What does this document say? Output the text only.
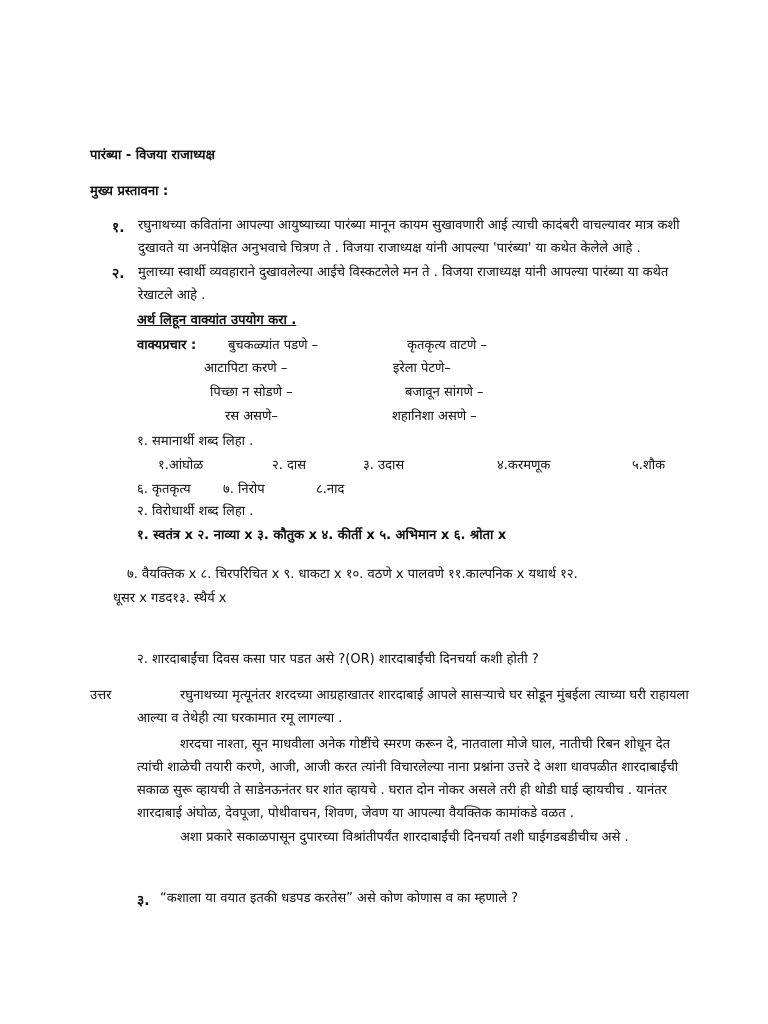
पारंब्या - विजया राजाध्यक्ष
मुख्य प्रस्तावना :
१. रघुनाथच्या कवितांना आपल्या आयुष्याच्या पारंब्या मानून कायम सुखावणारी आई त्याची कादंबरी वाचल्यावर मात्र कशी
दुखावते या अनपेक्षित अनुभवाचे चित्रण ते . विजया राजाध्यक्ष यांनी आपल्या 'पारंब्या' या कथेत केलेले आहे .
२. मुलाच्या स्वार्थी व्यवहाराने दुखावलेल्या आईचे विस्कटलेले मन ते . विजया राजाध्यक्ष यांनी आपल्या पारंब्या या कथेत
रेखाटले आहे .
अर्थ लिहून वाक्यांत उपयोग करा .
वाक्यप्रचार : बुचकळ्यांत पडणे –	कृतकृत्य वाटणे –
आटापिटा करणे –	इरेला पेटणे–
पिच्छा न सोडणे –	बजावून सांगणे –
रस असणे–	शहानिशा असणे –
१. समानार्थी शब्द लिहा .
१.आंघोळ	२. दास	३. उदास	४.करमणूक	५.शौक
६. कृतकृत्य ७. निरोप	८.नाद
२. विरोधार्थी शब्द लिहा .
१. स्वतंत्र x २. नाव्या x ३. कौतुक x ४. कीर्ती x ५. अभिमान x ६. श्रोता x
७. वैयक्तिक x ८. चिरपरिचित x ९. धाकटा x १०. वठणे x पालवणे ११.काल्पनिक x यथार्थ १२.
धूसर x गडद१३. स्थैर्य x
२. शारदाबाईंचा दिवस कसा पार पडत असे ?(OR) शारदाबाईंची दिनचर्या कशी होती ?
उत्तर	रघुनाथच्या मृत्यूनंतर शरदच्या आग्रहाखातर शारदाबाई आपले सासऱ्याचे घर सोडून मुंबईला त्याच्या घरी राहायला
आल्या व तेथेही त्या घरकामात रमू लागल्या .
शरदचा नाश्ता, सून माधवीला अनेक गोष्टींचे स्मरण करून दे, नातवाला मोजे घाल, नातीची रिबन शोधून देत
त्यांची शाळेची तयारी करणे, आजी, आजी करत त्यांनी विचारलेल्या नाना प्रश्नांना उत्तरे दे अशा धावपळीत शारदाबाईंची
सकाळ सुरू व्हायची ते साडेनऊनंतर घर शांत व्हायचे . घरात दोन नोकर असले तरी ही थोडी घाई व्हायचीच . यानंतर
शारदाबाई अंघोळ, देवपूजा, पोथीवाचन, शिवण, जेवण या आपल्या वैयक्तिक कामांकडे वळत .
अशा प्रकारे सकाळपासून दुपारच्या विश्रांतीपर्यंत शारदाबाईंची दिनचर्या तशी घाईगडबडीचीच असे .
३. “कशाला या वयात इतकी धडपड करतेस” असे कोण कोणास व का म्हणाले ?
